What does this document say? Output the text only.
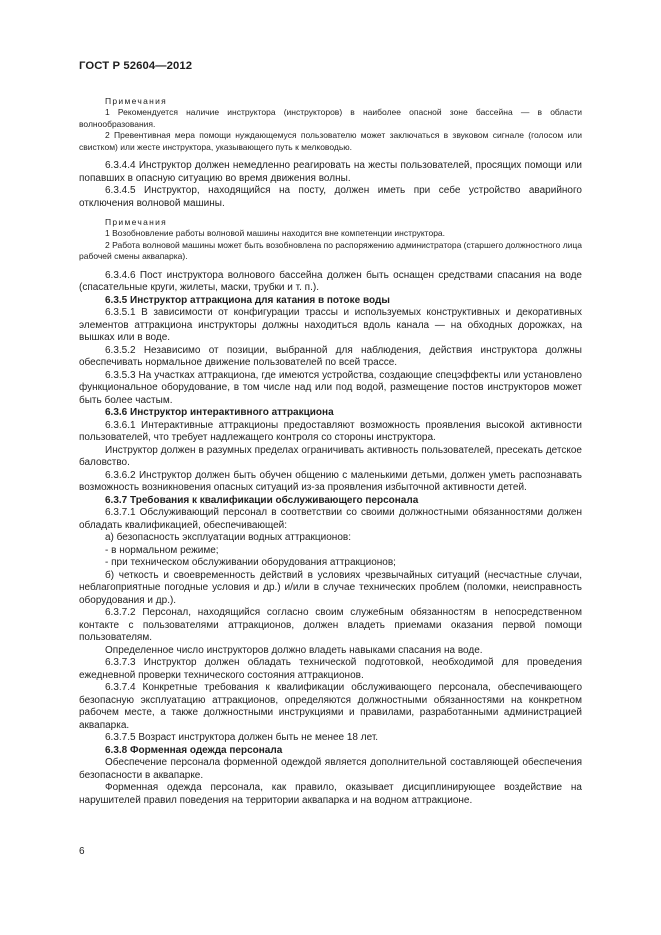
ГОСТ Р 52604—2012
Примечания

1 Рекомендуется наличие инструктора (инструкторов) в наиболее опасной зоне бассейна — в области волнообразования.

2 Превентивная мера помощи нуждающемуся пользователю может заключаться в звуковом сигнале (голосом или свистком) или жесте инструктора, указывающего путь к мелководью.

6.3.4.4 Инструктор должен немедленно реагировать на жесты пользователей, просящих помощи или попавших в опасную ситуацию во время движения волны.

6.3.4.5 Инструктор, находящийся на посту, должен иметь при себе устройство аварийного отключения волновой машины.

Примечания

1 Возобновление работы волновой машины находится вне компетенции инструктора.

2 Работа волновой машины может быть возобновлена по распоряжению администратора (старшего должностного лица рабочей смены аквапарка).

6.3.4.6 Пост инструктора волнового бассейна должен быть оснащен средствами спасания на воде (спасательные круги, жилеты, маски, трубки и т. п.).

6.3.5 Инструктор аттракциона для катания в потоке воды

6.3.5.1 В зависимости от конфигурации трассы и используемых конструктивных и декоративных элементов аттракциона инструкторы должны находиться вдоль канала — на обходных дорожках, на вышках или в воде.

6.3.5.2 Независимо от позиции, выбранной для наблюдения, действия инструктора должны обеспечивать нормальное движение пользователей по всей трассе.

6.3.5.3 На участках аттракциона, где имеются устройства, создающие спецэффекты или установлено функциональное оборудование, в том числе над или под водой, размещение постов инструкторов может быть более частым.

6.3.6 Инструктор интерактивного аттракциона

6.3.6.1 Интерактивные аттракционы предоставляют возможность проявления высокой активности пользователей, что требует надлежащего контроля со стороны инструктора.

Инструктор должен в разумных пределах ограничивать активность пользователей, пресекать детское баловство.

6.3.6.2 Инструктор должен быть обучен общению с маленькими детьми, должен уметь распознавать возможность возникновения опасных ситуаций из-за проявления избыточной активности детей.

6.3.7 Требования к квалификации обслуживающего персонала

6.3.7.1 Обслуживающий персонал в соответствии со своими должностными обязанностями должен обладать квалификацией, обеспечивающей:

а) безопасность эксплуатации водных аттракционов:

- в нормальном режиме;

- при техническом обслуживании оборудования аттракционов;

б) четкость и своевременность действий в условиях чрезвычайных ситуаций (несчастные случаи, неблагоприятные погодные условия и др.) и/или в случае технических проблем (поломки, неисправность оборудования и др.).

6.3.7.2 Персонал, находящийся согласно своим служебным обязанностям в непосредственном контакте с пользователями аттракционов, должен владеть приемами оказания первой помощи пользователям.

Определенное число инструкторов должно владеть навыками спасания на воде.

6.3.7.3 Инструктор должен обладать технической подготовкой, необходимой для проведения ежедневной проверки технического состояния аттракционов.

6.3.7.4 Конкретные требования к квалификации обслуживающего персонала, обеспечивающего безопасную эксплуатацию аттракционов, определяются должностными обязанностями на конкретном рабочем месте, а также должностными инструкциями и правилами, разработанными администрацией аквапарка.

6.3.7.5 Возраст инструктора должен быть не менее 18 лет.

6.3.8 Форменная одежда персонала

Обеспечение персонала форменной одеждой является дополнительной составляющей обеспечения безопасности в аквапарке.

Форменная одежда персонала, как правило, оказывает дисциплинирующее воздействие на нарушителей правил поведения на территории аквапарка и на водном аттракционе.

6
